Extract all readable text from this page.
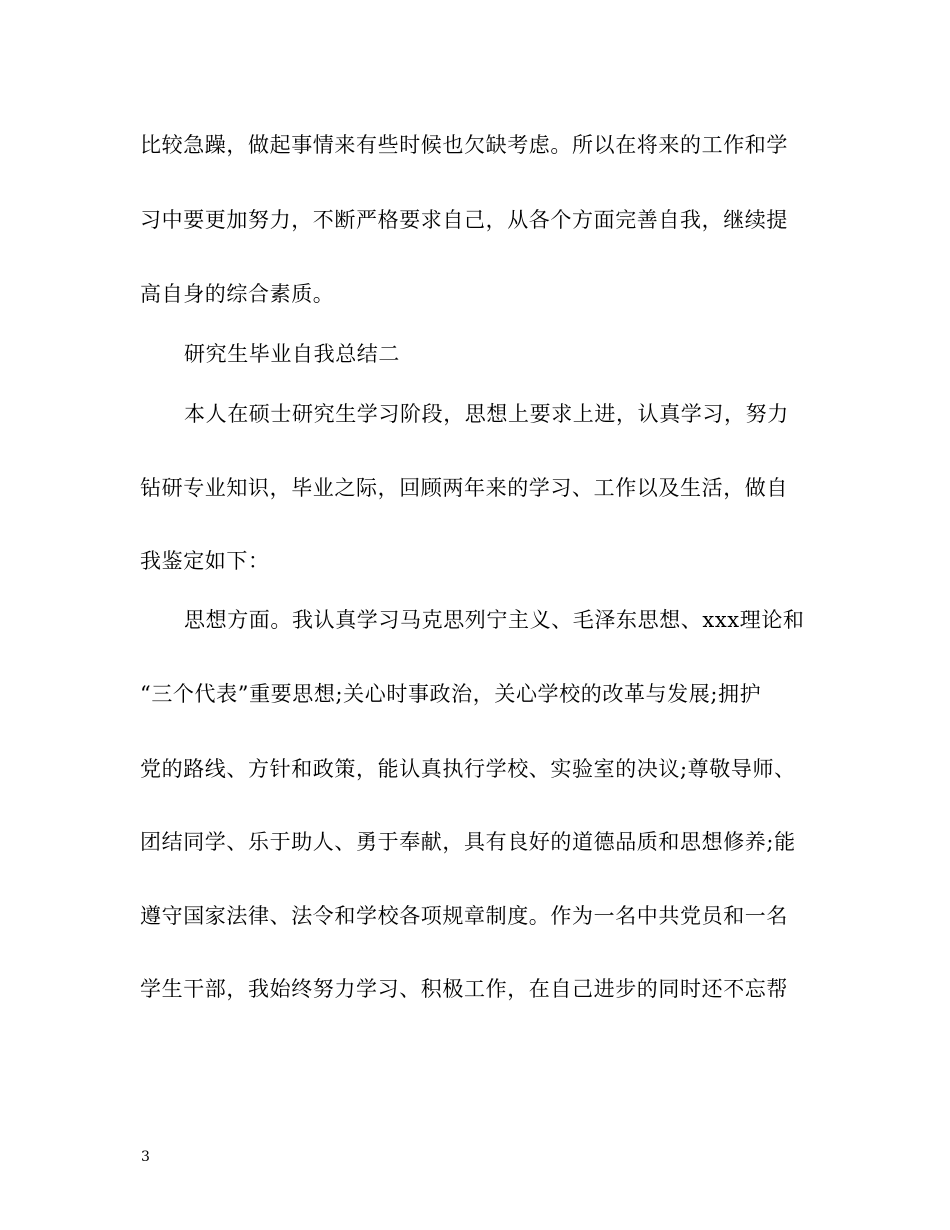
比较急躁，做起事情来有些时候也欠缺考虑。所以在将来的工作和学
习中要更加努力，不断严格要求自己，从各个方面完善自我，继续提
高自身的综合素质。
研究生毕业自我总结二
本人在硕士研究生学习阶段，思想上要求上进，认真学习，努力
钻研专业知识，毕业之际，回顾两年来的学习、工作以及生活，做自
我鉴定如下：
思想方面。我认真学习马克思列宁主义、毛泽东思想、xxx理论和
“三个代表”重要思想;关心时事政治，关心学校的改革与发展;拥护
党的路线、方针和政策，能认真执行学校、实验室的决议;尊敬导师、
团结同学、乐于助人、勇于奉献，具有良好的道德品质和思想修养;能
遵守国家法律、法令和学校各项规章制度。作为一名中共党员和一名
学生干部，我始终努力学习、积极工作，在自己进步的同时还不忘帮
3
